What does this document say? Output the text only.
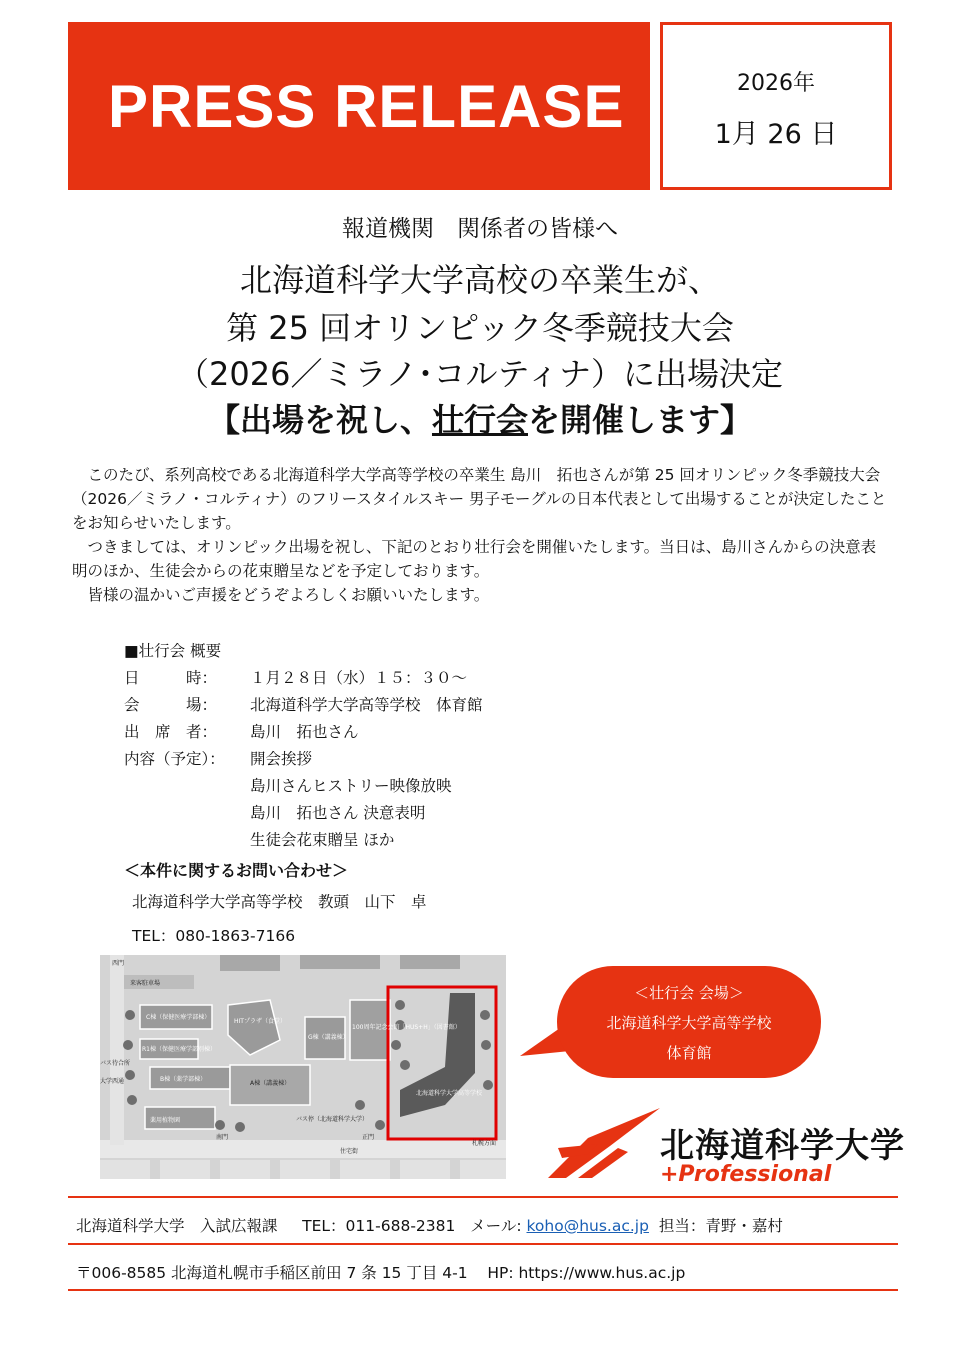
PRESS RELEASE	2026年
1月 26 日
報道機関　関係者の皆様へ
北海道科学大学高校の卒業生が、
第 25 回オリンピック冬季競技大会
（2026／ミラノ･コルティナ）に出場決定
【出場を祝し、壮行会を開催します】

このたび、系列高校である北海道科学大学高等学校の卒業生 島川　拓也さんが第 25 回オリンピック冬季競技大会（2026／ミラノ・コルティナ）のフリースタイルスキー 男子モーグルの日本代表として出場することが決定したことをお知らせいたします。

つきましては、オリンピック出場を祝し、下記のとおり壮行会を開催いたします。当日は、島川さんからの決意表明のほか、生徒会からの花束贈呈などを予定しております。

皆様の温かいご声援をどうぞよろしくお願いいたします。

■壮行会 概要
日　　　時：	１月２８日（水）１５：３０～
会　　　場：	北海道科学大学高等学校　体育館
出　席　者：	島川　拓也さん
内容（予定）：	開会挨拶
島川さんヒストリー映像放映
島川　拓也さん 決意表明
生徒会花束贈呈 ほか
＜本件に関するお問い合わせ＞
北海道科学大学高等学校　教頭　山下　卓
TEL：080-1863-7166
西門
来客駐車場
C棟（保健医療学部棟）
R1棟（保健医療学部別棟）
B棟（薬学部棟）
HITプラザ（食堂）
A棟（講義棟）
G棟（講義棟）
100周年記念会館「HUS+H」（図書館）
北海道科学大学高等学校
バス待合所
バス停（北海道科学大学）
南門	正門
薬用植物園
大学西通
住宅街
札幌方面
＜壮行会 会場＞
北海道科学大学高等学校
体育館
北海道科学大学
+Professional
北海道科学大学　入試広報課 TEL：011-688-2381 メール: koho@hus.ac.jp 担当：青野・嘉村
〒006-8585 北海道札幌市手稲区前田 7 条 15 丁目 4-1 HP: https://www.hus.ac.jp
